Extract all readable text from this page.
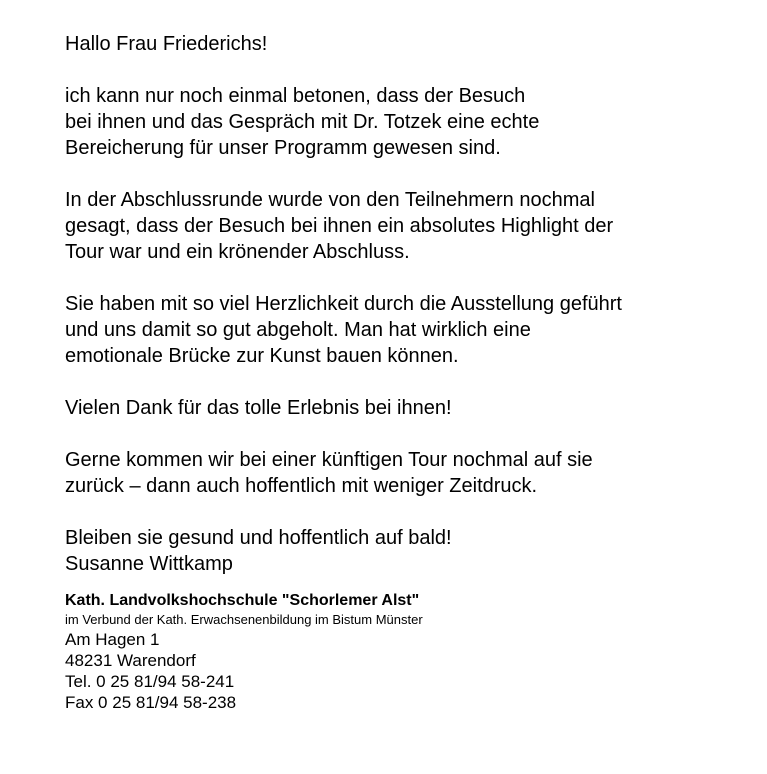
Hallo Frau Friederichs!
ich kann nur noch einmal betonen, dass der Besuch
bei ihnen und das Gespräch mit Dr. Totzek eine echte
Bereicherung für unser Programm gewesen sind.
In der Abschlussrunde wurde von den Teilnehmern nochmal
gesagt, dass der Besuch bei ihnen ein absolutes Highlight der
Tour war und ein krönender Abschluss.
Sie haben mit so viel Herzlichkeit durch die Ausstellung geführt
und uns damit so gut abgeholt. Man hat wirklich eine
emotionale Brücke zur Kunst bauen können.
Vielen Dank für das tolle Erlebnis bei ihnen!
Gerne kommen wir bei einer künftigen Tour nochmal auf sie
zurück – dann auch hoffentlich mit weniger Zeitdruck.
Bleiben sie gesund und hoffentlich auf bald!
Susanne Wittkamp
Kath. Landvolkshochschule "Schorlemer Alst"
im Verbund der Kath. Erwachsenenbildung im Bistum Münster
Am Hagen 1
48231 Warendorf
Tel. 0 25 81/94 58-241
Fax 0 25 81/94 58-238
